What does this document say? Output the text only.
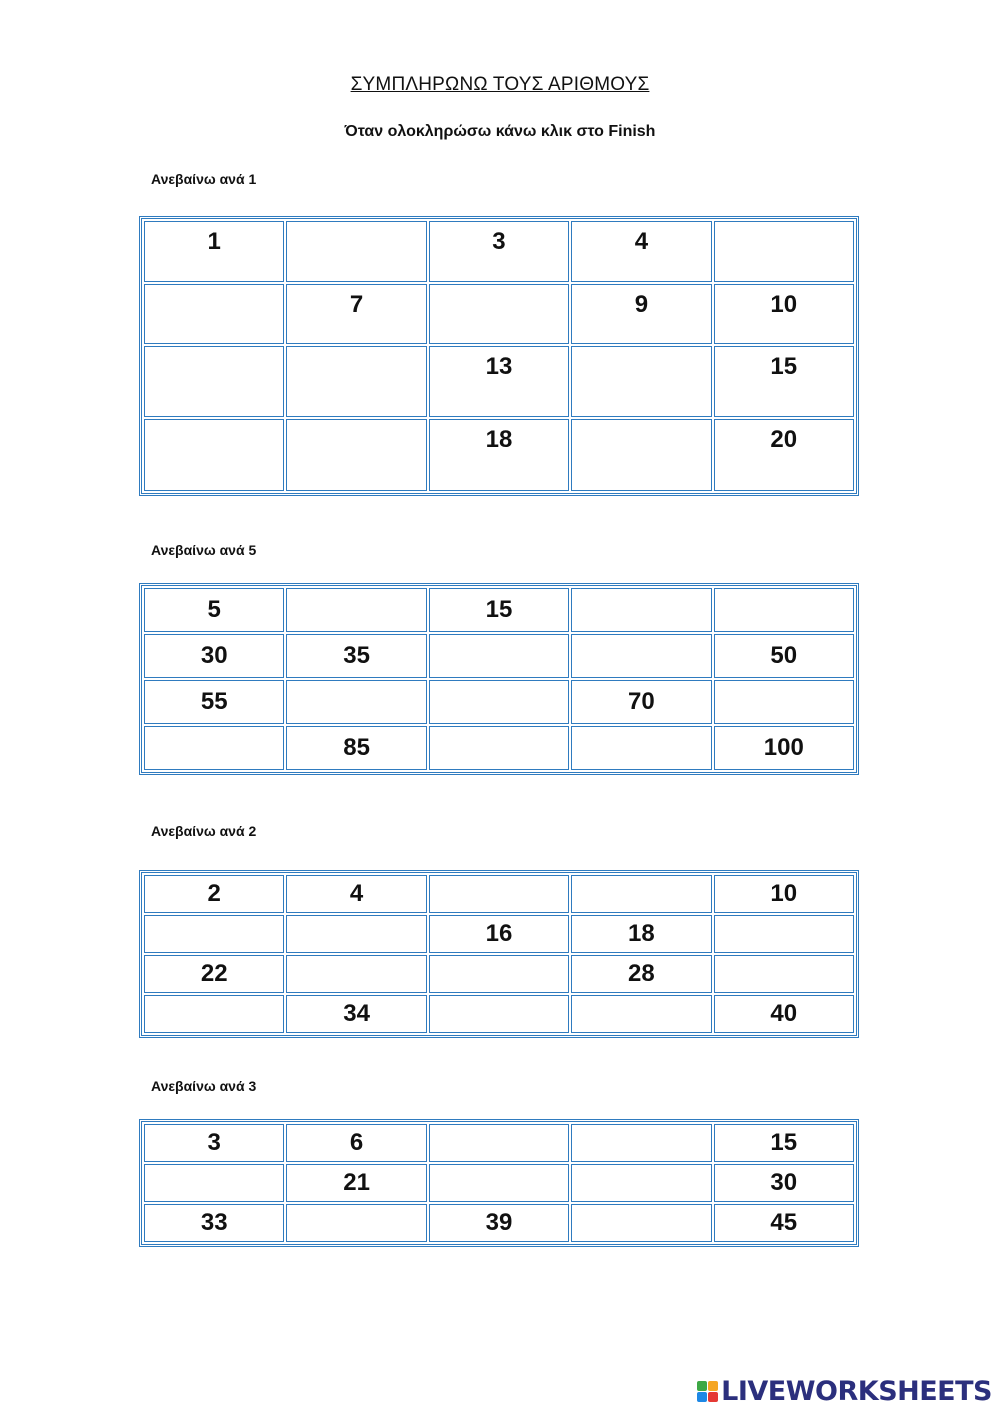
ΣΥΜΠΛΗΡΩΝΩ ΤΟΥΣ ΑΡΙΘΜΟΥΣ
Όταν ολοκληρώσω κάνω κλικ στο Finish
Ανεβαίνω ανά 1
1		3	4	
	7		9	10
		13		15
		18		20
Ανεβαίνω ανά 5
5		15		
30	35			50
55			70	
	85			100
Ανεβαίνω ανά 2
2	4			10
		16	18	
22			28	
	34			40
Ανεβαίνω ανά 3
3	6			15
	21			30
33		39		45
LIVEWORKSHEETS
